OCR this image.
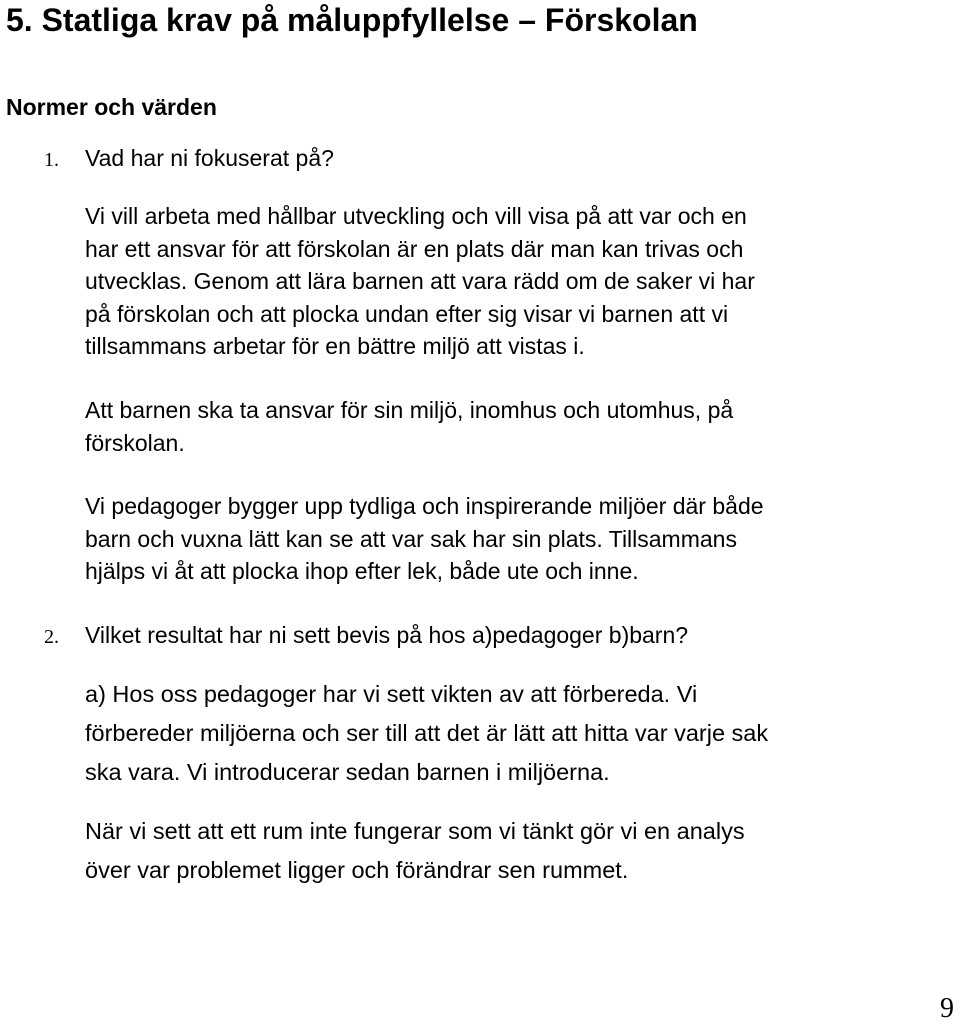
5. Statliga krav på måluppfyllelse – Förskolan
Normer och värden
1. Vad har ni fokuserat på?
Vi vill arbeta med hållbar utveckling och vill visa på att var och en
har ett ansvar för att förskolan är en plats där man kan trivas och
utvecklas. Genom att lära barnen att vara rädd om de saker vi har
på förskolan och att plocka undan efter sig visar vi barnen att vi
tillsammans arbetar för en bättre miljö att vistas i.
Att barnen ska ta ansvar för sin miljö, inomhus och utomhus, på
förskolan.
Vi pedagoger bygger upp tydliga och inspirerande miljöer där både
barn och vuxna lätt kan se att var sak har sin plats. Tillsammans
hjälps vi åt att plocka ihop efter lek, både ute och inne.
2. Vilket resultat har ni sett bevis på hos a)pedagoger b)barn?
a) Hos oss pedagoger har vi sett vikten av att förbereda. Vi
förbereder miljöerna och ser till att det är lätt att hitta var varje sak
ska vara. Vi introducerar sedan barnen i miljöerna.
När vi sett att ett rum inte fungerar som vi tänkt gör vi en analys
över var problemet ligger och förändrar sen rummet.
9
